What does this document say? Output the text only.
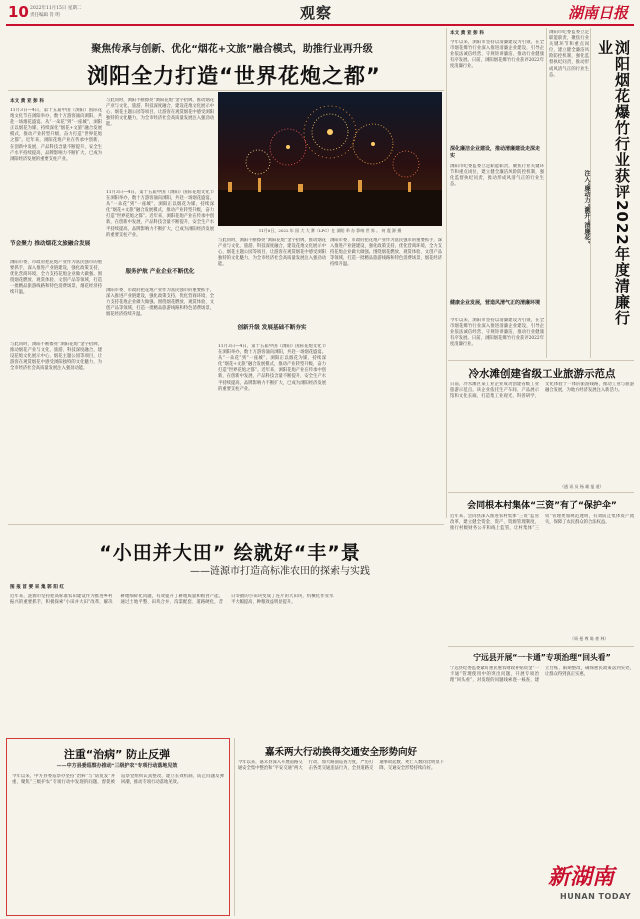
10 2022年11月15日 星期二
责任编辑 肖 明	观察	湖南日报
聚焦传承与创新、优化“烟花+文旅”融合模式，助推行业再升级
浏阳全力打造“世界花炮之都”
本文 黄 亚 彭 科
11月3日—4日，第十五届中国（浏阳）国际花炮文化节在浏阳举办，数十万游客涌向浏阳，共赴一场烟花盛宴。从“一朵花”到“一座城”，浏阳正以烟花为媒，持续深化“烟花+文旅”融合发展模式，推动产业转型升级，奋力打造“世界花炮之都”。近年来，浏阳花炮产业在传承中创新，在创新中发展，产品科技含量不断提升，安全生产水平持续提高，品牌影响力不断扩大，已成为浏阳经济发展的重要支柱产业。
节会聚力 推动烟花文旅融合发展
浏阳市委、市政府把花炮产业作为富民强市的重要抓手，深入推进产业链建设，强化政策支持，优化营商环境，全力支持花炮企业做大做强。围绕烟花燃放、观赏体验、文创产品等领域，打造一批精品旅游线路和特色消费场景，烟花经济持续升温。
与此同时，浏阳不断擦亮“浏阳花炮”金字招牌，推动烟花产业与文化、旅游、科技深度融合，建设花炮文化展示中心、烟花主题公园等项目，让游客在观赏烟花中感受浏阳独特的文化魅力，为全市经济社会高质量发展注入强劲动能。
与此同时，浏阳不断擦亮“浏阳花炮”金字招牌，推动烟花产业与文化、旅游、科技深度融合，建设花炮文化展示中心、烟花主题公园等项目，让游客在观赏烟花中感受浏阳独特的文化魅力，为全市经济社会高质量发展注入强劲动能。
11月8日，2022 年 国 大 大 赛（LPC）在 浏阳 举 办 影响 世 界 。 何 震 源 摄
11月3日—4日，第十五届中国（浏阳）国际花炮文化节在浏阳举办，数十万游客涌向浏阳，共赴一场烟花盛宴。从“一朵花”到“一座城”，浏阳正以烟花为媒，持续深化“烟花+文旅”融合发展模式，推动产业转型升级，奋力打造“世界花炮之都”。近年来，浏阳花炮产业在传承中创新，在创新中发展，产品科技含量不断提升，安全生产水平持续提高，品牌影响力不断扩大，已成为浏阳经济发展的重要支柱产业。
服务护航 产业企业不断优化
浏阳市委、市政府把花炮产业作为富民强市的重要抓手，深入推进产业链建设，强化政策支持，优化营商环境，全力支持花炮企业做大做强。围绕烟花燃放、观赏体验、文创产品等领域，打造一批精品旅游线路和特色消费场景，烟花经济持续升温。
与此同时，浏阳不断擦亮“浏阳花炮”金字招牌，推动烟花产业与文化、旅游、科技深度融合，建设花炮文化展示中心、烟花主题公园等项目，让游客在观赏烟花中感受浏阳独特的文化魅力，为全市经济社会高质量发展注入强劲动能。
创新升级 发展基础不断夯实
11月3日—4日，第十五届中国（浏阳）国际花炮文化节在浏阳举办，数十万游客涌向浏阳，共赴一场烟花盛宴。从“一朵花”到“一座城”，浏阳正以烟花为媒，持续深化“烟花+文旅”融合发展模式，推动产业转型升级，奋力打造“世界花炮之都”。近年来，浏阳花炮产业在传承中创新，在创新中发展，产品科技含量不断提升，安全生产水平持续提高，品牌影响力不断扩大，已成为浏阳经济发展的重要支柱产业。
浏阳市委、市政府把花炮产业作为富民强市的重要抓手，深入推进产业链建设，强化政策支持，优化营商环境，全力支持花炮企业做大做强。围绕烟花燃放、观赏体验、文创产品等领域，打造一批精品旅游线路和特色消费场景，烟花经济持续升温。
本文 黄 亚 彭 科
今年以来，浏阳市坚持以清廉建设为引领，在全市烟花爆竹行业深入推进清廉企业建设，引导企业依法诚信经营、守规矩讲廉洁，推动行业健康有序发展。日前，浏阳烟花爆竹行业获评2022年度清廉行业。
深化廉洁企业建设，推动清廉建设走深走实
浏阳市纪委监委立足职能职责，聚焦行业关键环节和重点岗位，建立健全廉洁风险防控机制，强化监督执纪问责，推动形成风清气正的行业生态。
健康企业发展，营造风清气正的清廉环境
今年以来，浏阳市坚持以清廉建设为引领，在全市烟花爆竹行业深入推进清廉企业建设，引导企业依法诚信经营、守规矩讲廉洁，推动行业健康有序发展。日前，浏阳烟花爆竹行业获评2022年度清廉行业。
浏阳市纪委监委立足职能职责，聚焦行业关键环节和重点岗位，建立健全廉洁风险防控机制，强化监督执纪问责，推动形成风清气正的行业生态。	浏阳烟花爆竹行业获评2022年度清廉行业
注入“廉动力”激开“清廉花”
冷水滩创建省级工业旅游示范点
日前，冷水滩区某工业企业成功创建省级工业旅游示范点。该企业依托生产车间、产品展示馆和文化长廊，打造集工业观光、科普研学、文化体验于一体的旅游线路，推动工业与旅游融合发展，为地方经济发展注入新活力。
（通 讯 员 杨 雄 报 道）
会同根本村集体“三资”有了“保护伞”
近年来，会同县深入推进农村集体“三资”监管改革，建立健全资金、资产、资源管理制度，推行村级财务公开和线上监管，让村集体“三资”管理更加规范透明，有效防止集体资产流失，保障了农民群众的合法权益。
（周 曼 尊 陈 豪 林）
宁远县开展“一卡通”专项治理“回头看”
宁远县纪委监委紧盯惠民惠农财政补贴资金“一卡通”管理使用中的突出问题，开展专项治理“回头看”，对发现的问题线索逐一核查、建立台账、限期整改，确保惠民政策落到实处，让群众得到真正实惠。
“小田并大田” 绘就好“丰”景
——涟源市打造高标准农田的探索与实践
图 报 首 要 采 集 郭 阳 红
近年来，涟源市坚持把高标准农田建设作为推进乡村振兴的重要抓手，积极探索“小田并大田”改革，解决耕地细碎化问题，有效提升了耕地质量和粮食产能。通过土地平整、田块合并、沟渠配套、道路硬化，昔日零散的小田块变成了连片的大田块，机械化作业水平大幅提高，种粮效益明显提升。
注重“治病” 防止反弹
——中方县委巡察办推动“三级护农”专项行动落地见效
今年以来，中方县委巡察办坚持“治病”与“防复发”并重，聚焦“三级护农”专项行动中发现的问题，督促被巡察党组织认真整改，建立长效机制，防止问题反弹回潮，推动专项行动落地见效。
嘉禾两大行动换得交通安全形势向好
今年以来，嘉禾县深入开展道路交通安全集中整治和“平安交通”两大行动，加大路面巡查力度，严厉打击各类交通违法行为，全县道路交通事故起数、死亡人数同比明显下降，交通安全形势持续向好。
新湖南
HUNAN TODAY
